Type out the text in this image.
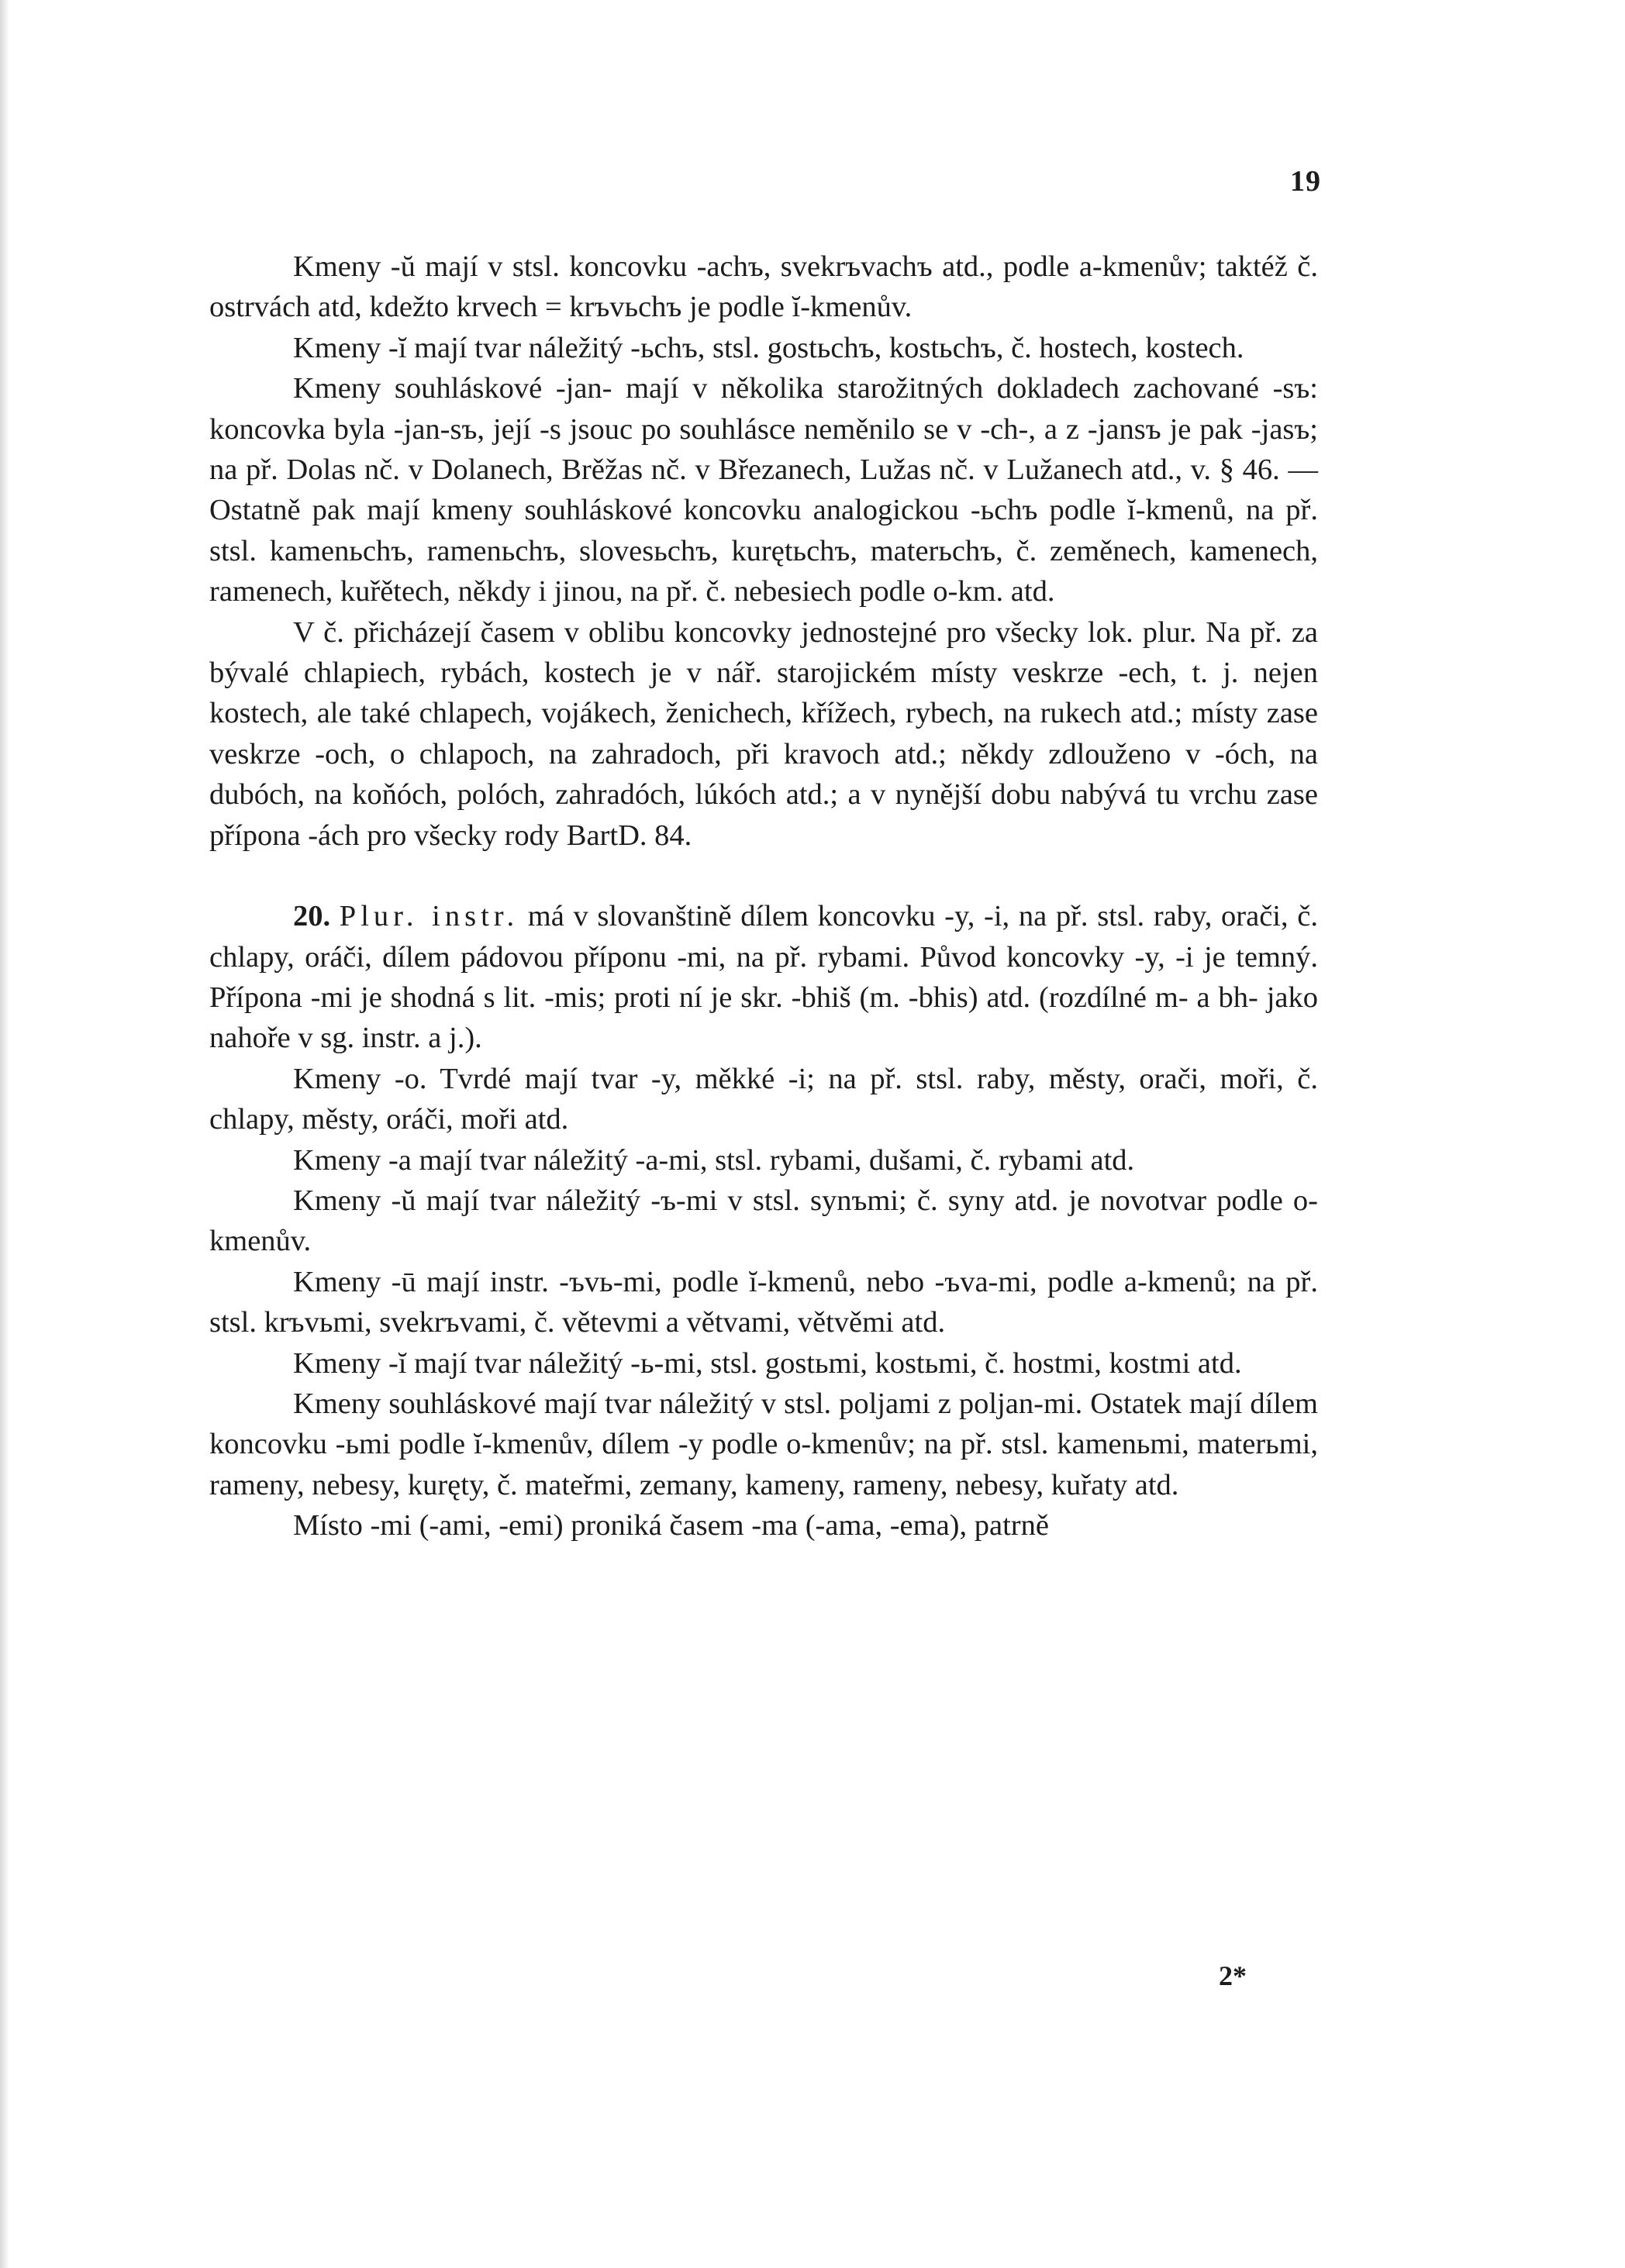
19

Kmeny -ŭ mají v stsl. koncovku -achъ, svekrъvachъ atd., podle a-kmenův; taktéž č. ostrvách atd, kdežto krvech = krъvьchъ je podle ĭ-kmenův.

Kmeny -ĭ mají tvar náležitý -ьchъ, stsl. gostьchъ, kostьchъ, č. hostech, kostech.

Kmeny souhláskové -jan- mají v několika starožitných dokladech zachované -sъ: koncovka byla -jan-sъ, její -s jsouc po souhlásce neměnilo se v -ch-, a z -jansъ je pak -jasъ; na př. Dolas nč. v Dolanech, Brěžas nč. v Březanech, Lužas nč. v Lužanech atd., v. § 46. — Ostatně pak mají kmeny souhláskové koncovku analogickou -ьchъ podle ĭ-kmenů, na př. stsl. kamenьchъ, ramenьchъ, slovesьchъ, kurętьchъ, materьchъ, č. zeměnech, kamenech, ramenech, kuřětech, někdy i jinou, na př. č. nebesiech podle o-km. atd.

V č. přicházejí časem v oblibu koncovky jednostejné pro všecky lok. plur. Na př. za bývalé chlapiech, rybách, kostech je v nář. starojickém místy veskrze -ech, t. j. nejen kostech, ale také chlapech, vojákech, ženichech, křížech, rybech, na rukech atd.; místy zase veskrze -och, o chlapoch, na zahradoch, při kravoch atd.; někdy zdlouženo v -óch, na dubóch, na koňóch, polóch, zahradóch, lúkóch atd.; a v nynější dobu nabývá tu vrchu zase přípona -ách pro všecky rody BartD. 84.

20. Plur. instr. má v slovanštině dílem koncovku -y, -i, na př. stsl. raby, orači, č. chlapy, oráči, dílem pádovou příponu -mi, na př. rybami. Původ koncovky -y, -i je temný. Přípona -mi je shodná s lit. -mis; proti ní je skr. -bhiš (m. -bhis) atd. (rozdílné m- a bh- jako nahoře v sg. instr. a j.).

Kmeny -o. Tvrdé mají tvar -y, měkké -i; na př. stsl. raby, městy, orači, moři, č. chlapy, městy, oráči, moři atd.

Kmeny -a mají tvar náležitý -a-mi, stsl. rybami, dušami, č. rybami atd.

Kmeny -ŭ mají tvar náležitý -ъ-mi v stsl. synъmi; č. syny atd. je novotvar podle o-kmenův.

Kmeny -ū mají instr. -ъvь-mi, podle ĭ-kmenů, nebo -ъva-mi, podle a-kmenů; na př. stsl. krъvьmi, svekrъvami, č. větevmi a větvami, větvěmi atd.

Kmeny -ĭ mají tvar náležitý -ь-mi, stsl. gostьmi, kostьmi, č. hostmi, kostmi atd.

Kmeny souhláskové mají tvar náležitý v stsl. poljami z poljan-mi. Ostatek mají dílem koncovku -ьmi podle ĭ-kmenův, dílem -y podle o-kmenův; na př. stsl. kamenьmi, materьmi, rameny, nebesy, kuręty, č. mateřmi, zemany, kameny, rameny, nebesy, kuřaty atd.

Místo -mi (-ami, -emi) proniká časem -ma (-ama, -ema), patrně

2*
